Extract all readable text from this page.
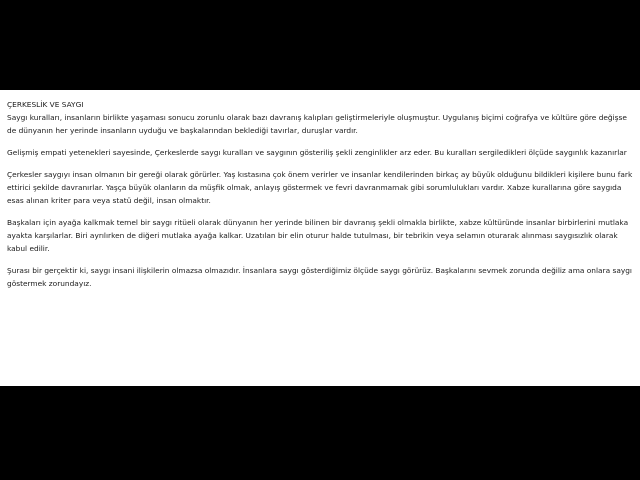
ÇERKESLİK VE SAYGI
Saygı kuralları, insanların birlikte yaşaması sonucu zorunlu olarak bazı davranış kalıpları geliştirmeleriyle oluşmuştur. Uygulanış biçimi coğrafya ve kültüre göre değişse de dünyanın her yerinde insanların uyduğu ve başkalarından beklediği tavırlar, duruşlar vardır.

Gelişmiş empati yetenekleri sayesinde, Çerkeslerde saygı kuralları ve saygının gösteriliş şekli zenginlikler arz eder. Bu kuralları sergiledikleri ölçüde saygınlık kazanırlar

Çerkesler saygıyı insan olmanın bir gereği olarak görürler. Yaş kıstasına çok önem verirler ve insanlar kendilerinden birkaç ay büyük olduğunu bildikleri kişilere bunu fark ettirici şekilde davranırlar. Yaşça büyük olanların da müşfik olmak, anlayış göstermek ve fevri davranmamak gibi sorumlulukları vardır. Xabze kurallarına göre saygıda esas alınan kriter para veya statü değil, insan olmaktır.

Başkaları için ayağa kalkmak temel bir saygı ritüeli olarak dünyanın her yerinde bilinen bir davranış şekli olmakla birlikte, xabze kültüründe insanlar birbirlerini mutlaka ayakta karşılarlar. Biri ayrılırken de diğeri mutlaka ayağa kalkar. Uzatılan bir elin oturur halde tutulması, bir tebrikin veya selamın oturarak alınması saygısızlık olarak kabul edilir.

Şurası bir gerçektir ki, saygı insani ilişkilerin olmazsa olmazıdır. İnsanlara saygı gösterdiğimiz ölçüde saygı görürüz. Başkalarını sevmek zorunda değiliz ama onlara saygı göstermek zorundayız.
